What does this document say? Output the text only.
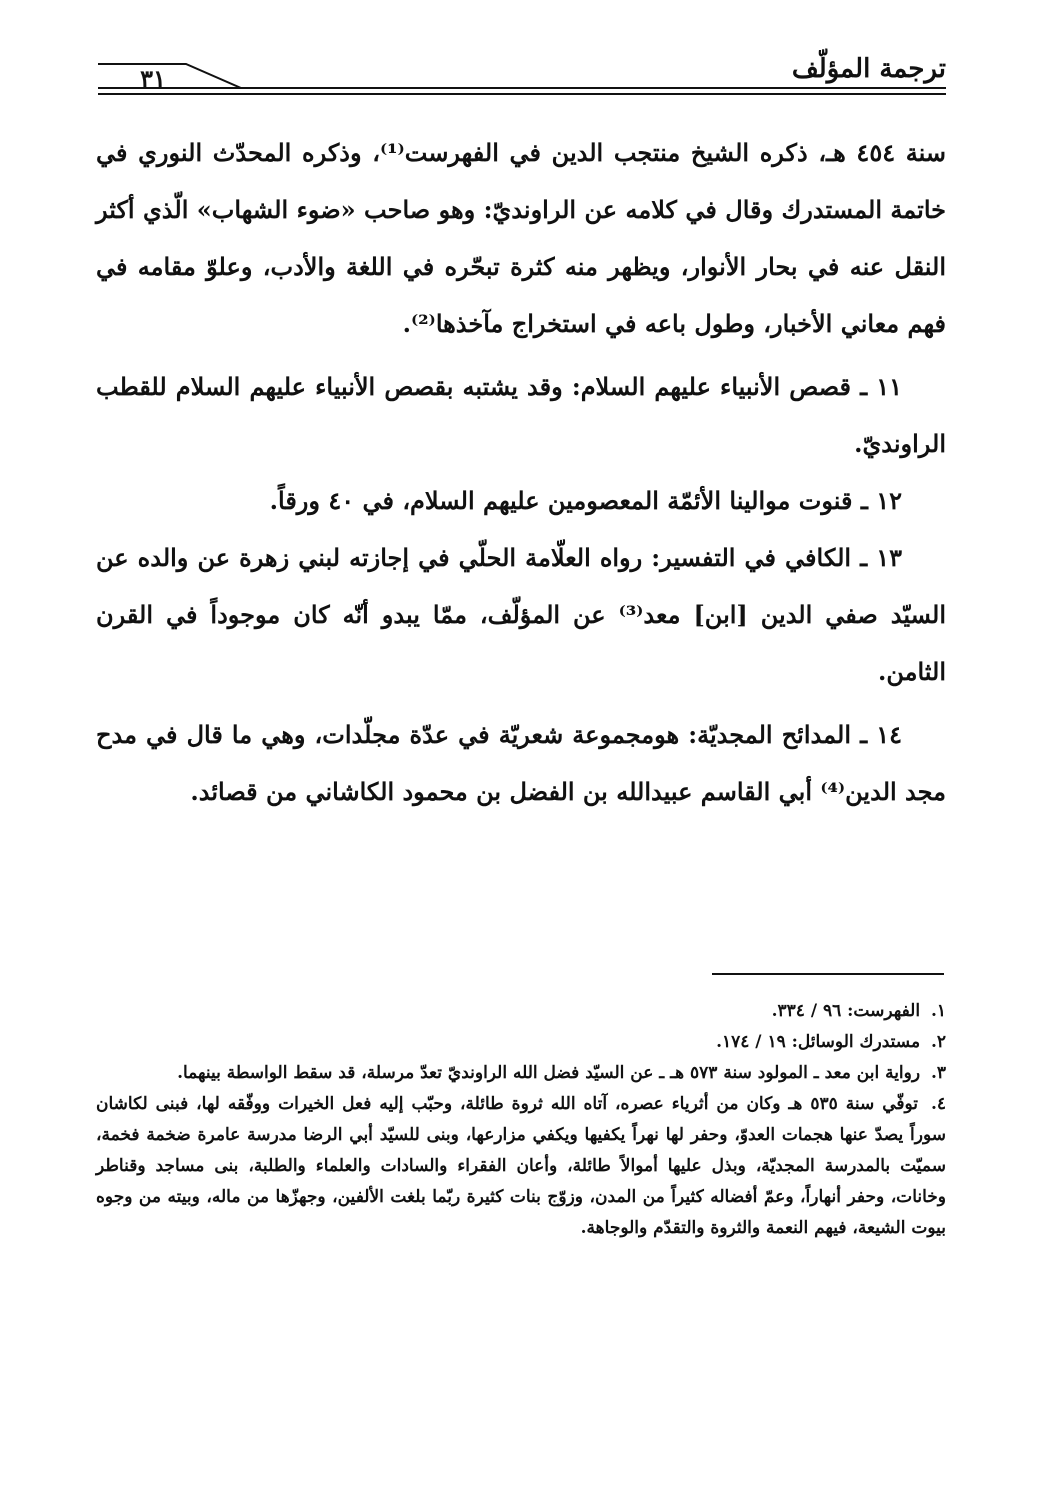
٣١	ترجمة المؤلّف

سنة ٤٥٤ هـ، ذكره الشيخ منتجب الدين في الفهرست⁽¹⁾، وذكره المحدّث النوري في خاتمة المستدرك وقال في كلامه عن الراونديّ: وهو صاحب «ضوء الشهاب» الّذي أكثر النقل عنه في بحار الأنوار، ويظهر منه كثرة تبحّره في اللغة والأدب، وعلوّ مقامه في فهم معاني الأخبار، وطول باعه في استخراج مآخذها⁽²⁾.

١١ ـ قصص الأنبياء عليهم السلام: وقد يشتبه بقصص الأنبياء عليهم السلام للقطب الراونديّ.

١٢ ـ قنوت موالينا الأئمّة المعصومين عليهم السلام، في ٤٠ ورقاً.

١٣ ـ الكافي في التفسير: رواه العلّامة الحلّي في إجازته لبني زهرة عن والده عن السيّد صفي الدين [ابن] معد⁽³⁾ عن المؤلّف، ممّا يبدو أنّه كان موجوداً في القرن الثامن.

١٤ ـ المدائح المجديّة: هومجموعة شعريّة في عدّة مجلّدات، وهي ما قال في مدح مجد الدين⁽⁴⁾ أبي القاسم عبيدالله بن الفضل بن محمود الكاشاني من قصائد.

١. الفهرست: ٩٦ / ٣٣٤.

٢. مستدرك الوسائل: ١٩ / ١٧٤.

٣. رواية ابن معد ـ المولود سنة ٥٧٣ هـ ـ عن السيّد فضل الله الراونديّ تعدّ مرسلة، قد سقط الواسطة بينهما.

٤. توفّي سنة ٥٣٥ هـ وكان من أثرياء عصره، آتاه الله ثروة طائلة، وحبّب إليه فعل الخيرات ووفّقه لها، فبنى لكاشان سوراً يصدّ عنها هجمات العدوّ، وحفر لها نهراً يكفيها ويكفي مزارعها، وبنى للسيّد أبي الرضا مدرسة عامرة ضخمة فخمة، سميّت بالمدرسة المجديّة، وبذل عليها أموالاً طائلة، وأعان الفقراء والسادات والعلماء والطلبة، بنى مساجد وقناطر وخانات، وحفر أنهاراً، وعمّ أفضاله كثيراً من المدن، وزوّج بنات كثيرة ربّما بلغت الألفين، وجهزّها من ماله، وبيته من وجوه بيوت الشيعة، فيهم النعمة والثروة والتقدّم والوجاهة.
